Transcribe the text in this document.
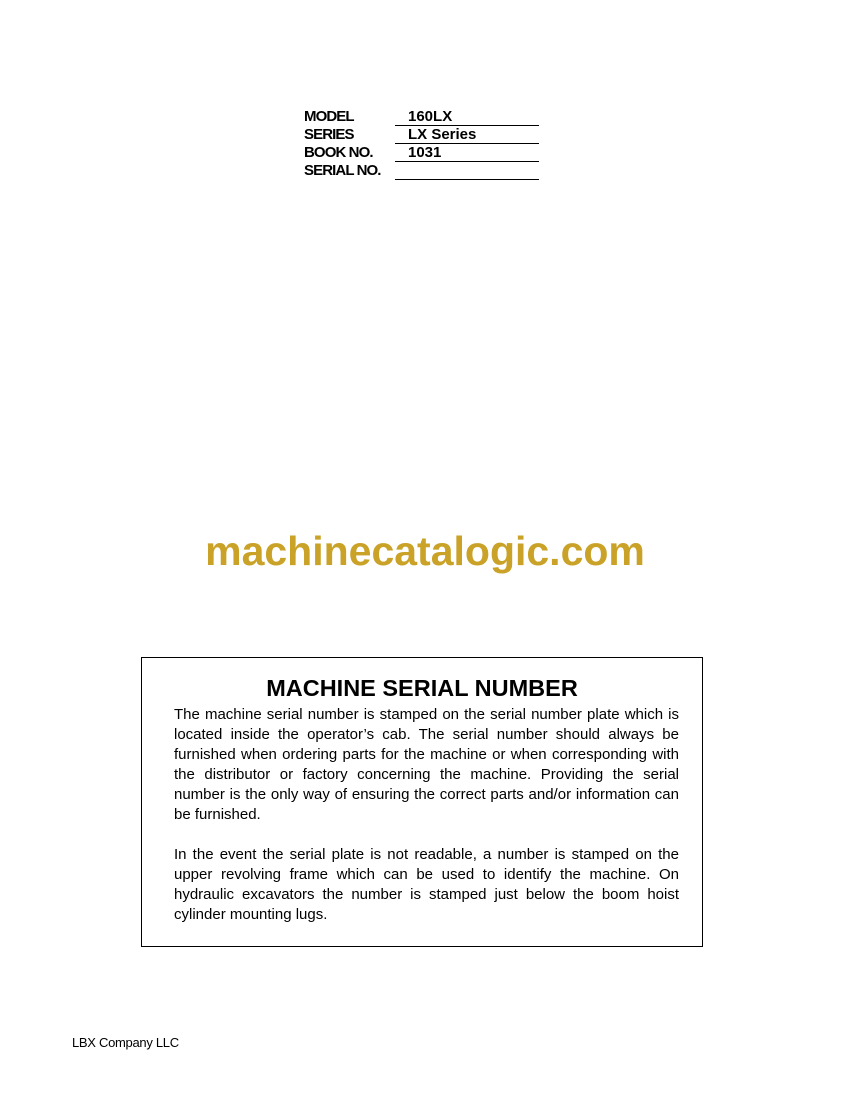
MODEL	160LX
SERIES	LX Series
BOOK NO.	1031
SERIAL NO.
machinecatalogic.com
MACHINE SERIAL NUMBER

The machine serial number is stamped on the serial number plate which is located inside the operator’s cab. The serial number should always be furnished when ordering parts for the machine or when corresponding with the distributor or factory concerning the machine. Providing the serial number is the only way of ensuring the correct parts and/or information can be furnished.

In the event the serial plate is not readable, a number is stamped on the upper revolving frame which can be used to identify the machine. On hydraulic excavators the number is stamped just below the boom hoist cylinder mounting lugs.

LBX Company LLC
